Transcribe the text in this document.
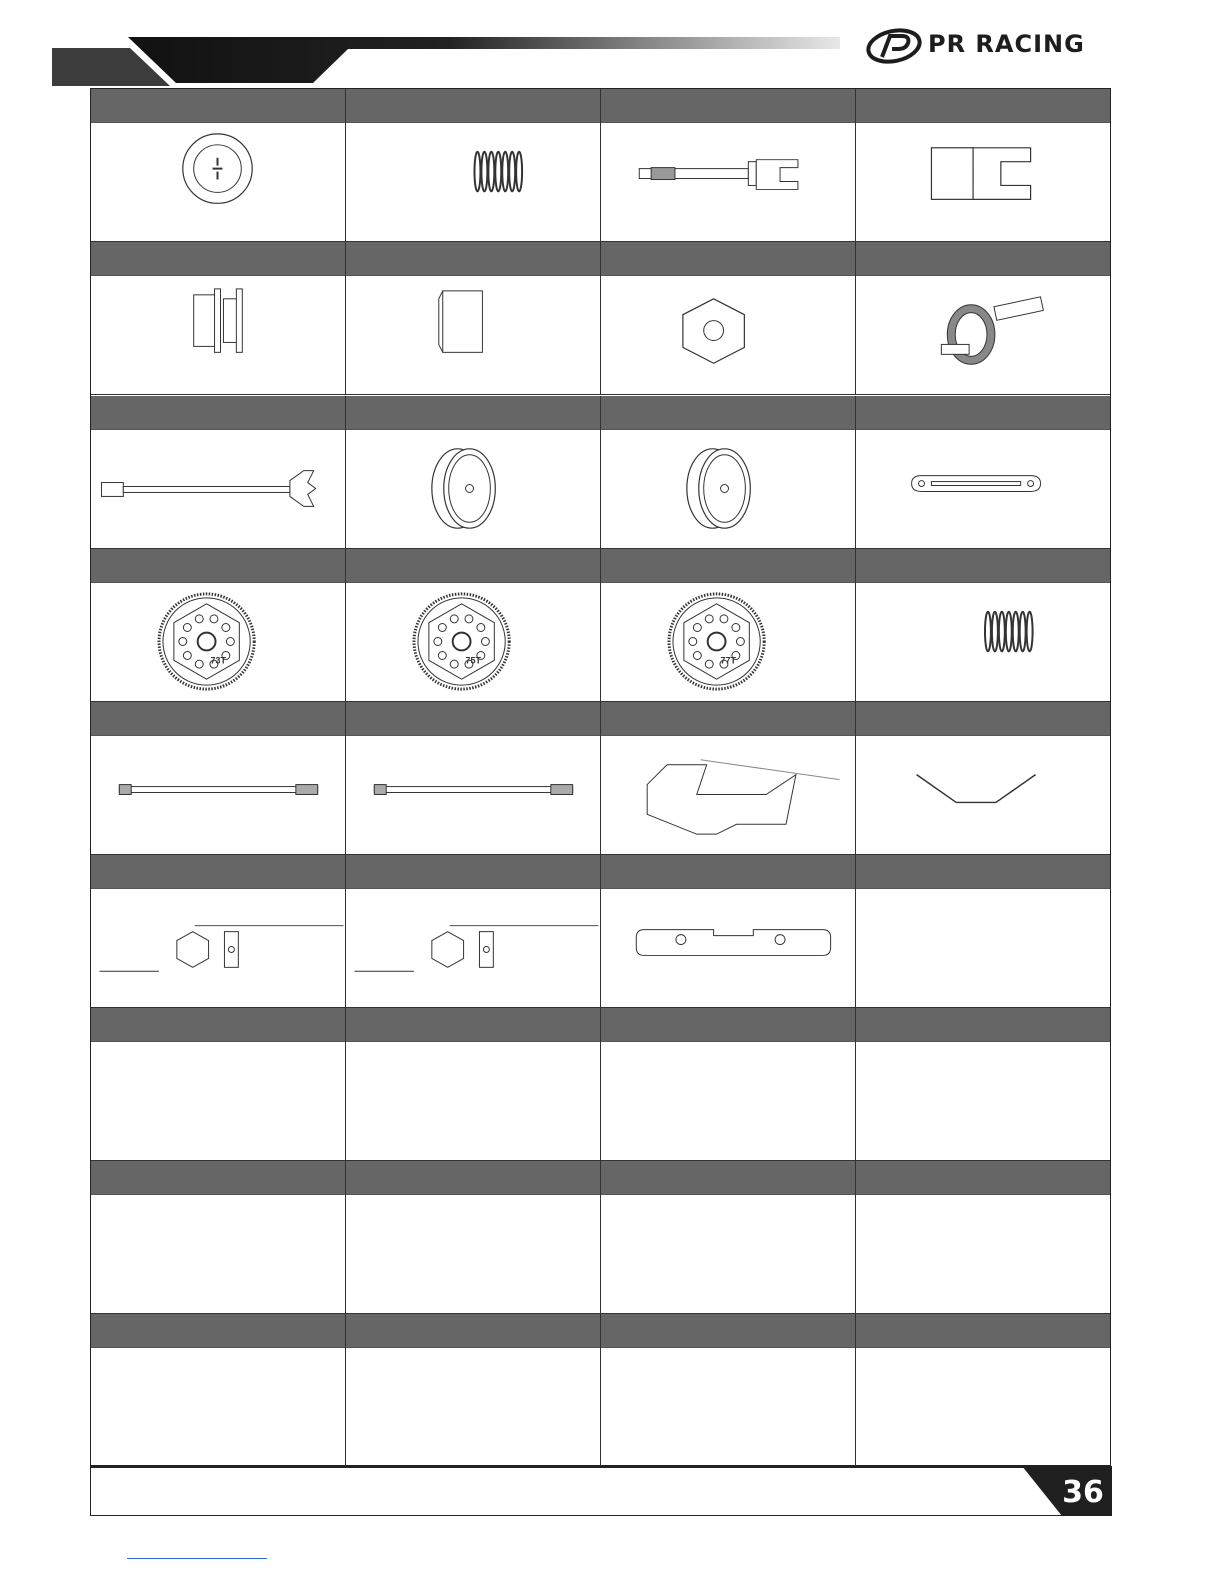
PR RACING
73T	75T	77T
36
